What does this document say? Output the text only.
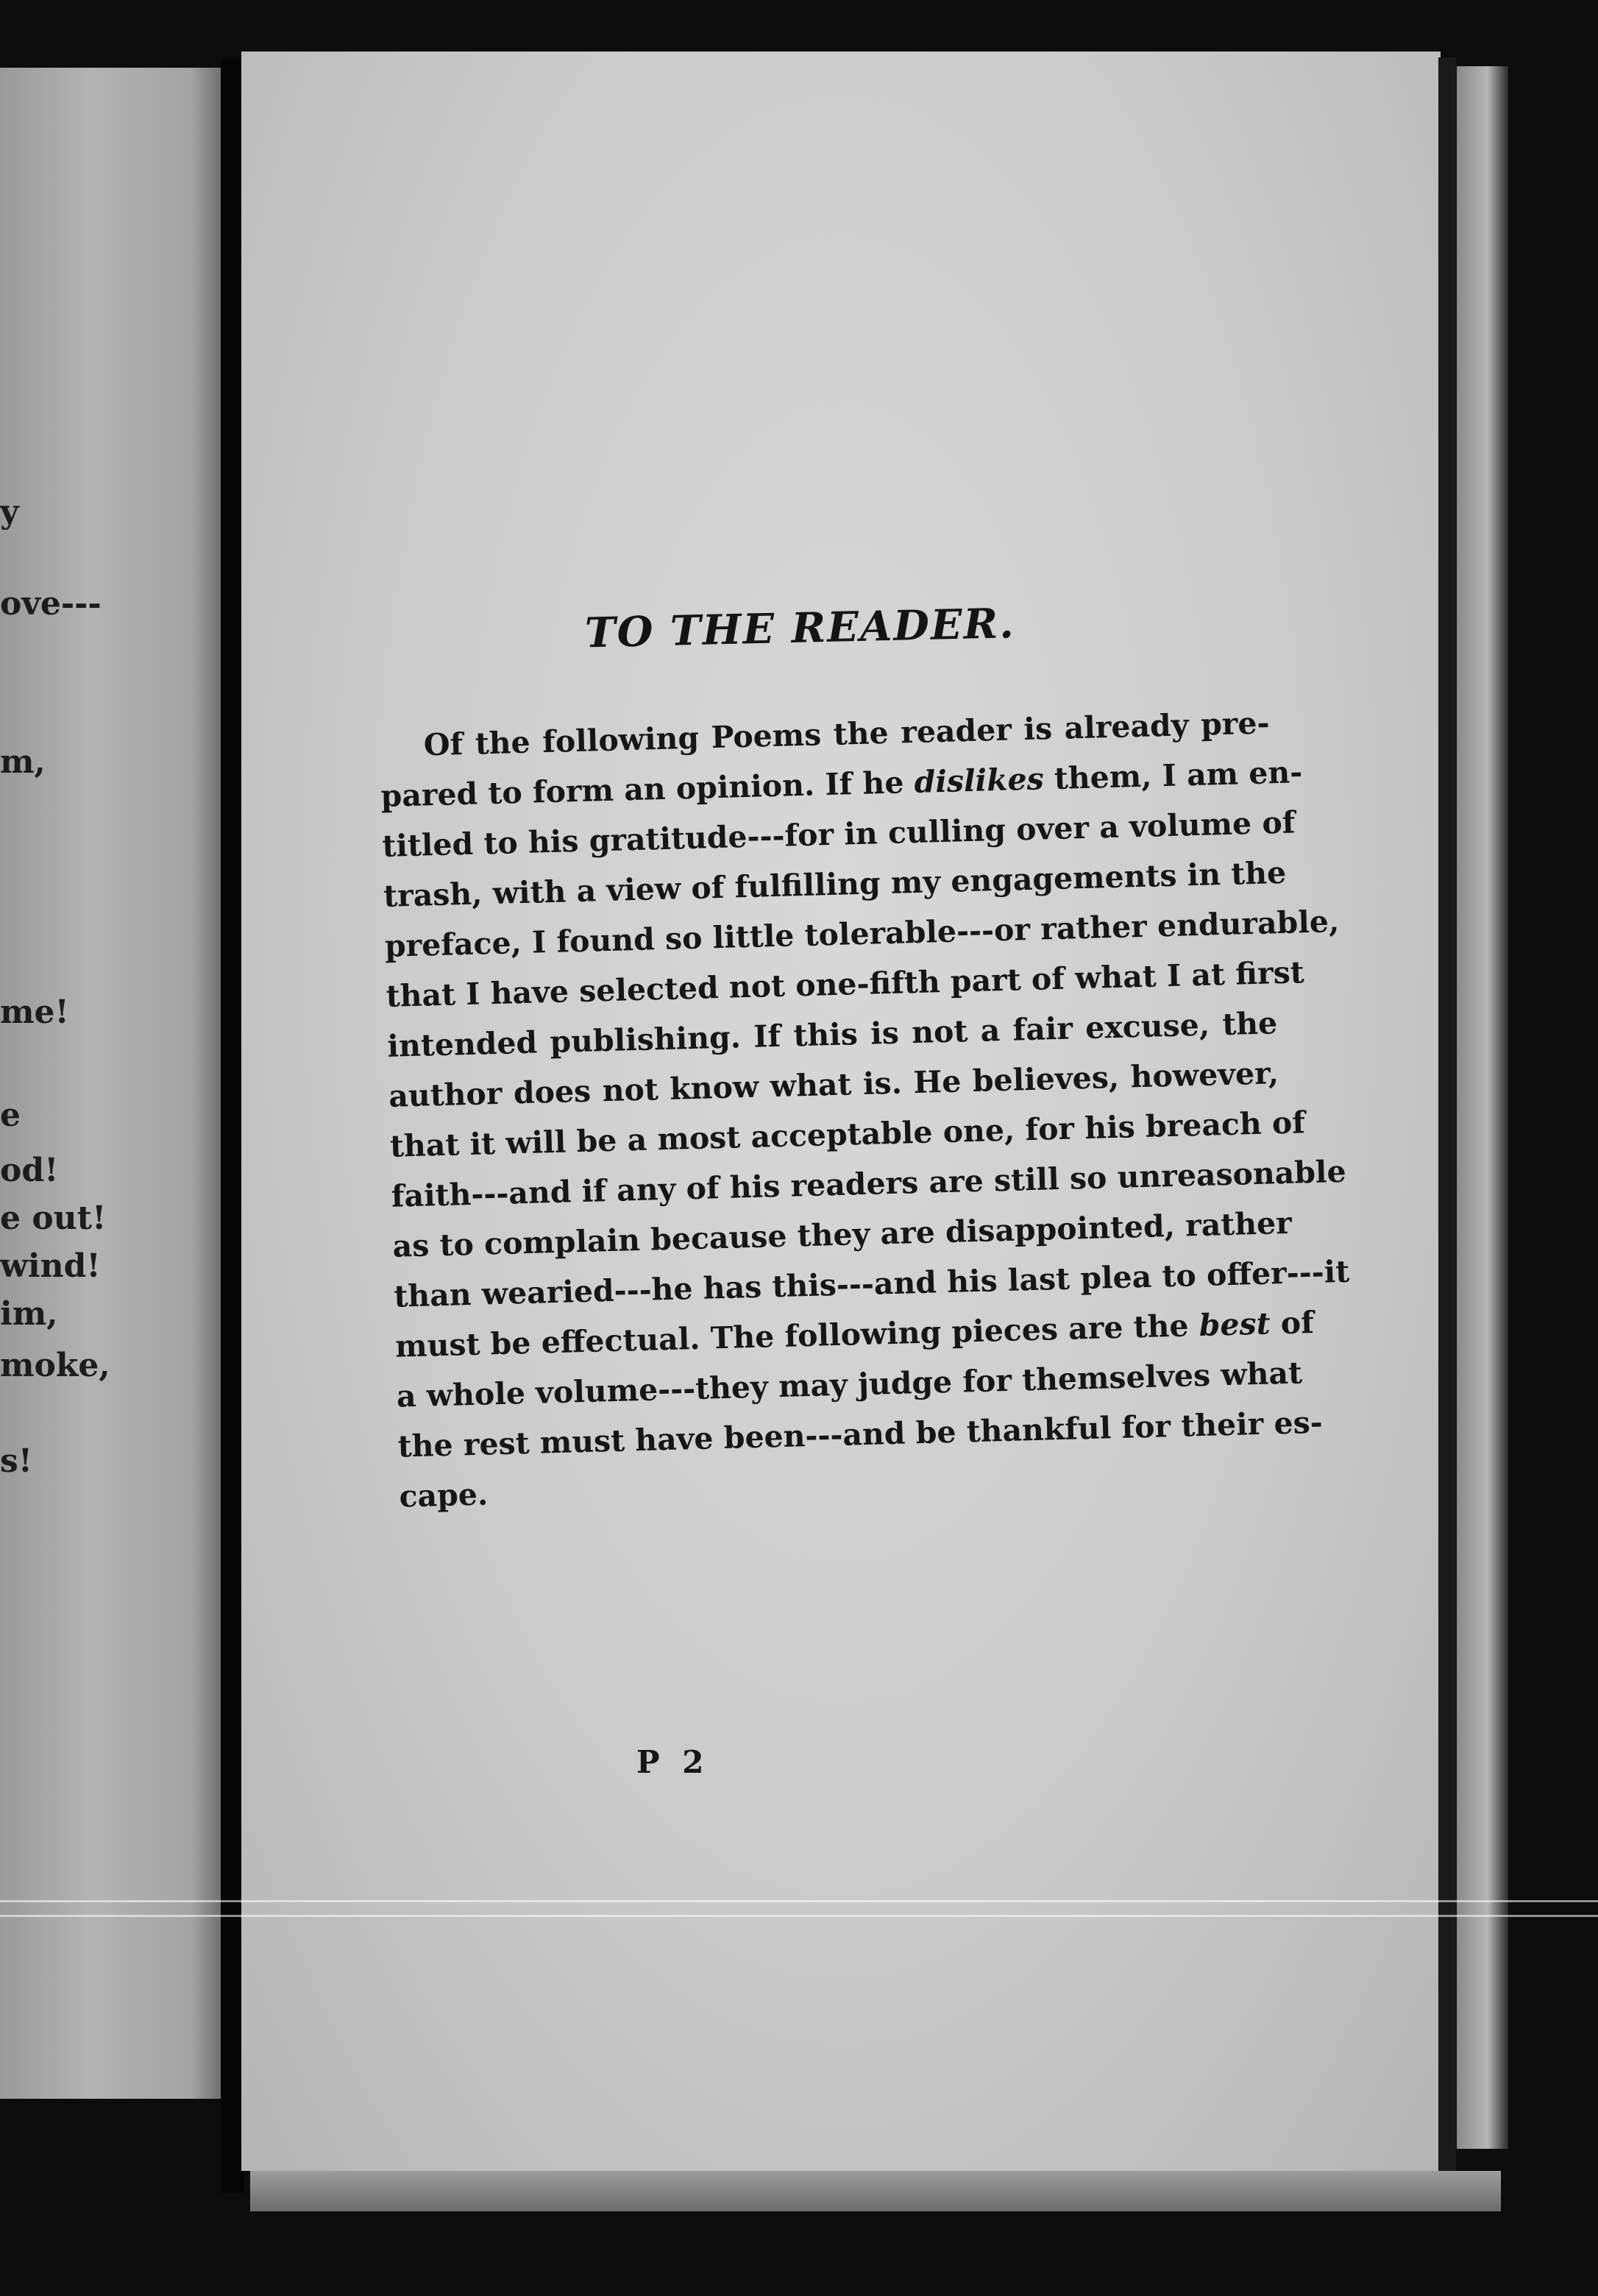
y
ove---
m,
me!
e
od!
e out!
wind!
im,
moke,
s!
TO THE READER.
Of the following Poems the reader is already pre-
pared to form an opinion. If he dislikes them, I am en-
titled to his gratitude---for in culling over a volume of
trash, with a view of fulfilling my engagements in the
preface, I found so little tolerable---or rather endurable,
that I have selected not one-fifth part of what I at first
intended publishing. If this is not a fair excuse, the
author does not know what is. He believes, however,
that it will be a most acceptable one, for his breach of
faith---and if any of his readers are still so unreasonable
as to complain because they are disappointed, rather
than wearied---he has this---and his last plea to offer---it
must be effectual. The following pieces are the best of
a whole volume---they may judge for themselves what
the rest must have been---and be thankful for their es-
cape.
P 2
